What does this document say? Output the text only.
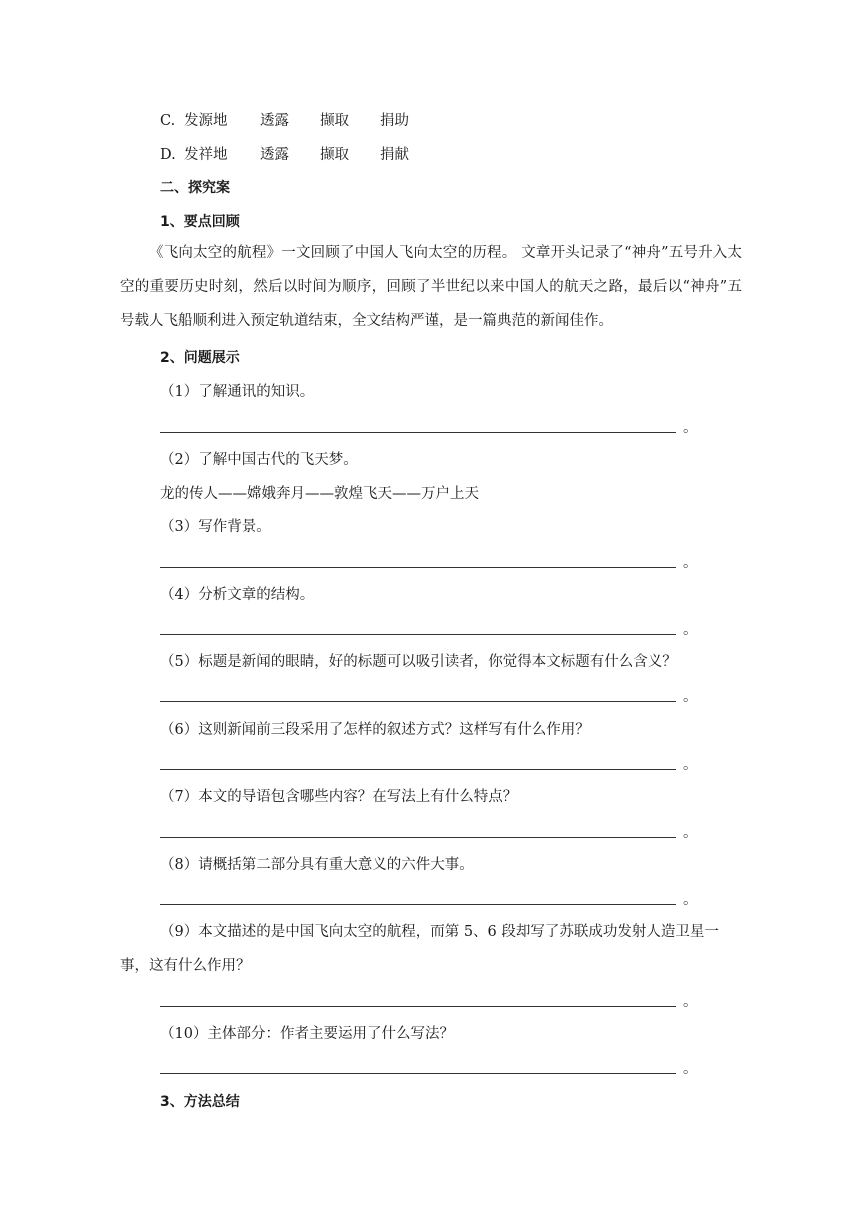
C. 发源地 透露 撷取 捐助
D. 发祥地 透露 撷取 捐献
二、探究案
1、要点回顾
《飞向太空的航程》一文回顾了中国人飞向太空的历程。 文章开头记录了“神舟”五号升入太空的重要历史时刻，然后以时间为顺序，回顾了半世纪以来中国人的航天之路，最后以“神舟”五号载人飞船顺利进入预定轨道结束，全文结构严谨，是一篇典范的新闻佳作。
2、问题展示
（1）了解通讯的知识。
。
（2）了解中国古代的飞天梦。
龙的传人——嫦娥奔月——敦煌飞天——万户上天
（3）写作背景。
。
（4）分析文章的结构。
。
（5）标题是新闻的眼睛，好的标题可以吸引读者，你觉得本文标题有什么含义？
。
（6）这则新闻前三段采用了怎样的叙述方式？这样写有什么作用？
。
（7）本文的导语包含哪些内容？在写法上有什么特点？
。
（8）请概括第二部分具有重大意义的六件大事。
。
（9）本文描述的是中国飞向太空的航程，而第 5、6 段却写了苏联成功发射人造卫星一
事，这有什么作用？
。
（10）主体部分：作者主要运用了什么写法？
。
3、方法总结
